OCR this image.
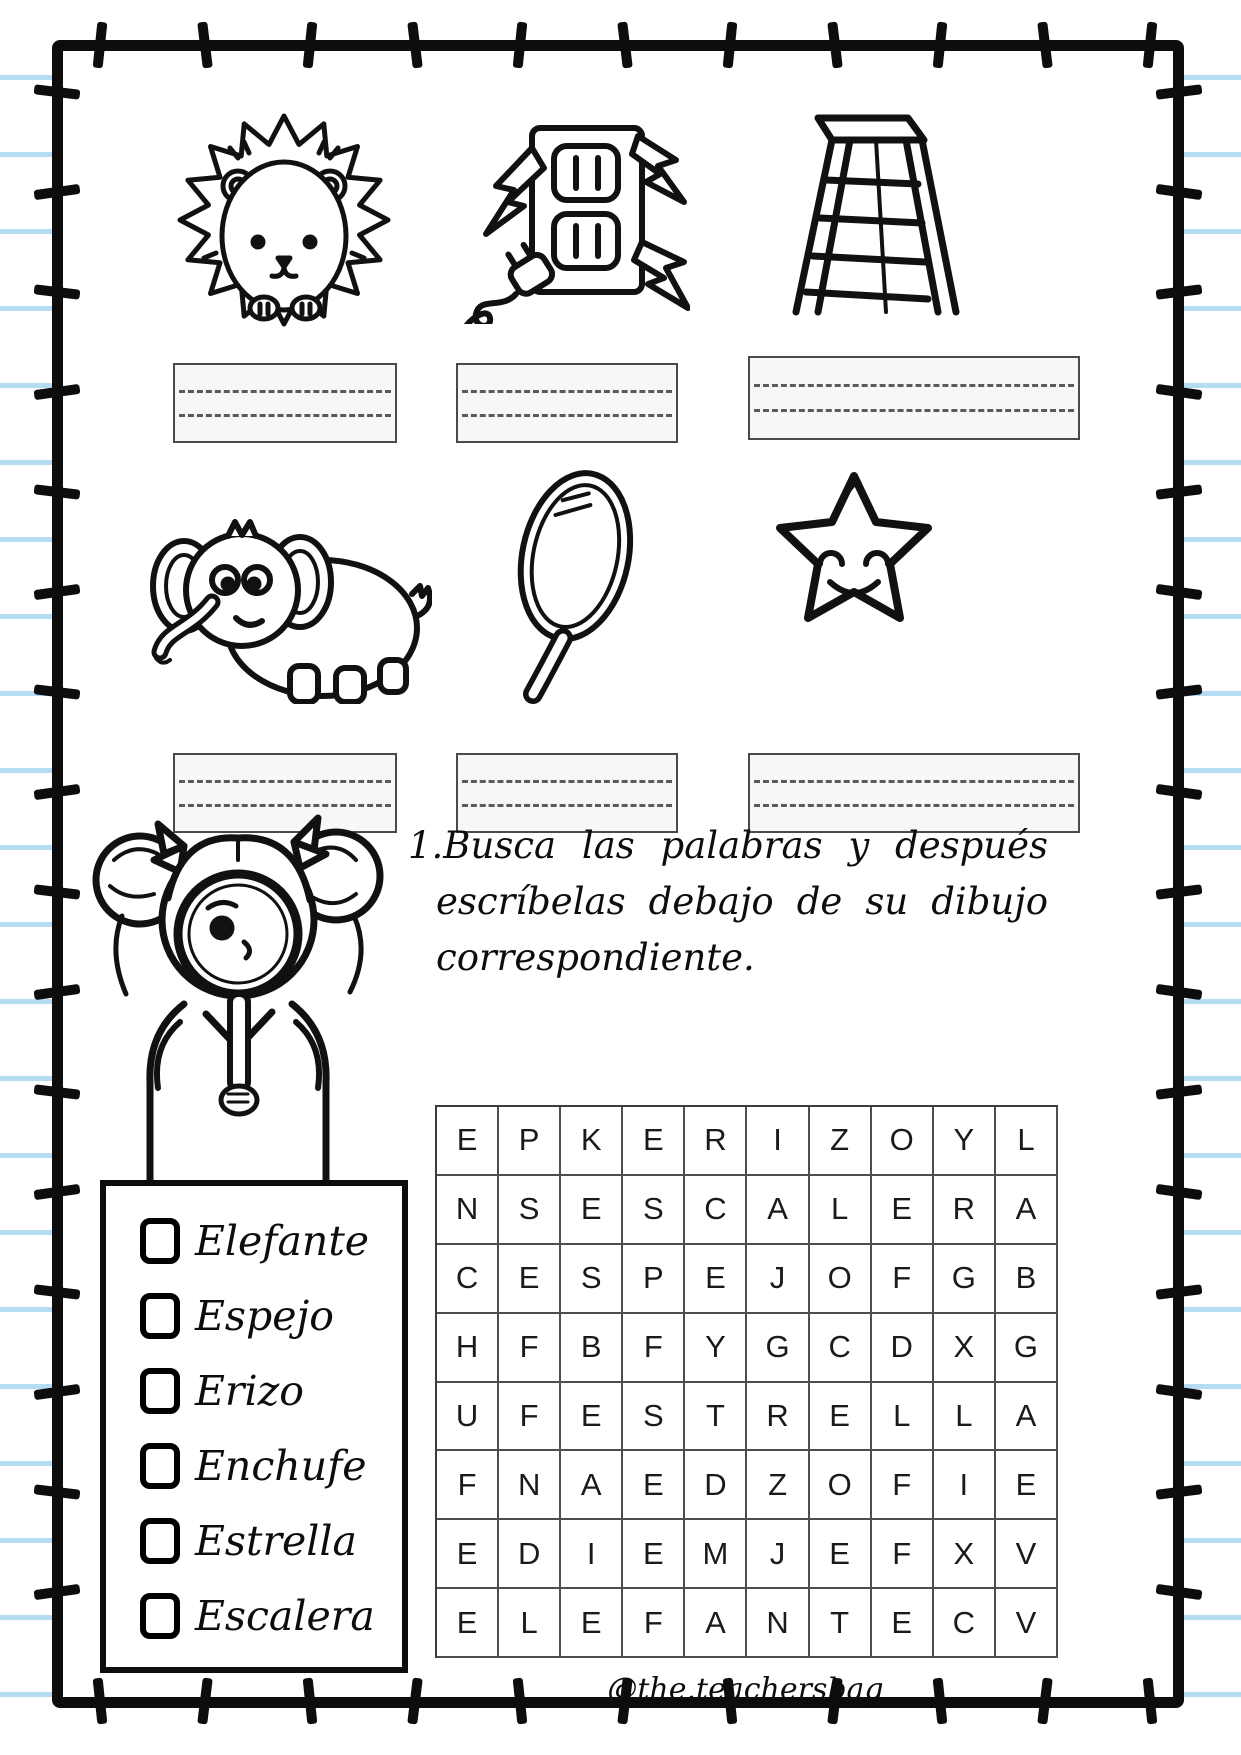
1.Busca las palabras y después
escríbelas debajo de su dibujo
correspondiente.
Elefante
Espejo
Erizo
Enchufe
Estrella
Escalera
E	P	K	E	R	I	Z	O	Y	L
N	S	E	S	C	A	L	E	R	A
C	E	S	P	E	J	O	F	G	B
H	F	B	F	Y	G	C	D	X	G
U	F	E	S	T	R	E	L	L	A
F	N	A	E	D	Z	O	F	I	E
E	D	I	E	M	J	E	F	X	V
E	L	E	F	A	N	T	E	C	V
@the.teachersbag
